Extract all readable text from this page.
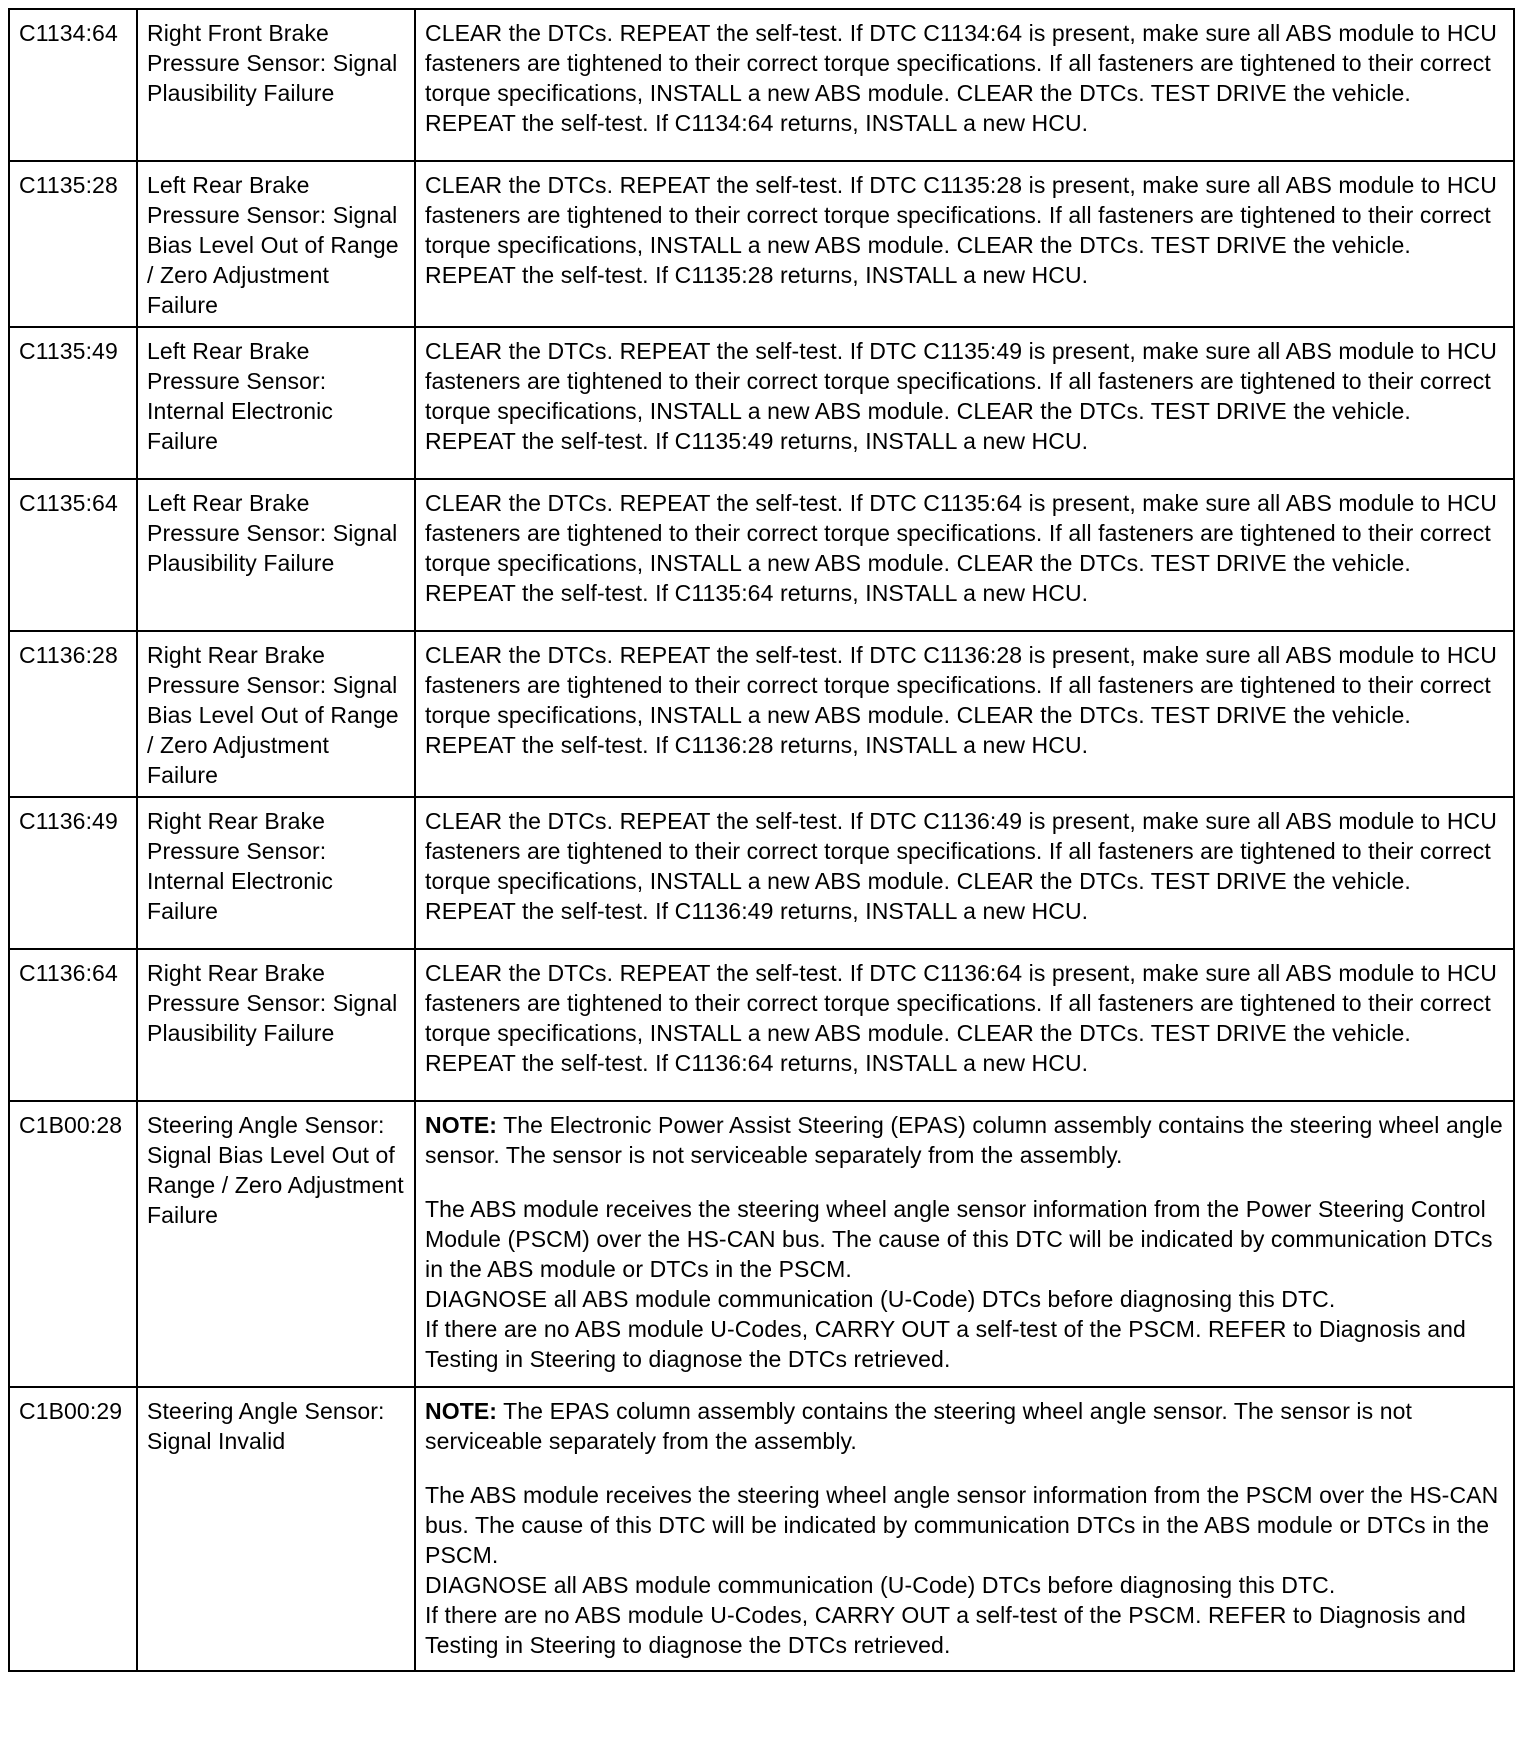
C1134:64	Right Front Brake Pressure Sensor: Signal Plausibility Failure	CLEAR the DTCs. REPEAT the self-test. If DTC C1134:64 is present, make sure all ABS module to HCU fasteners are tightened to their correct torque specifications. If all fasteners are tightened to their correct torque specifications, INSTALL a new ABS module. CLEAR the DTCs. TEST DRIVE the vehicle. REPEAT the self-test. If C1134:64 returns, INSTALL a new HCU.
C1135:28	Left Rear Brake Pressure Sensor: Signal Bias Level Out of Range / Zero Adjustment Failure	CLEAR the DTCs. REPEAT the self-test. If DTC C1135:28 is present, make sure all ABS module to HCU fasteners are tightened to their correct torque specifications. If all fasteners are tightened to their correct torque specifications, INSTALL a new ABS module. CLEAR the DTCs. TEST DRIVE the vehicle. REPEAT the self-test. If C1135:28 returns, INSTALL a new HCU.
C1135:49	Left Rear Brake Pressure Sensor: Internal Electronic Failure	CLEAR the DTCs. REPEAT the self-test. If DTC C1135:49 is present, make sure all ABS module to HCU fasteners are tightened to their correct torque specifications. If all fasteners are tightened to their correct torque specifications, INSTALL a new ABS module. CLEAR the DTCs. TEST DRIVE the vehicle. REPEAT the self-test. If C1135:49 returns, INSTALL a new HCU.
C1135:64	Left Rear Brake Pressure Sensor: Signal Plausibility Failure	CLEAR the DTCs. REPEAT the self-test. If DTC C1135:64 is present, make sure all ABS module to HCU fasteners are tightened to their correct torque specifications. If all fasteners are tightened to their correct torque specifications, INSTALL a new ABS module. CLEAR the DTCs. TEST DRIVE the vehicle. REPEAT the self-test. If C1135:64 returns, INSTALL a new HCU.
C1136:28	Right Rear Brake Pressure Sensor: Signal Bias Level Out of Range / Zero Adjustment Failure	CLEAR the DTCs. REPEAT the self-test. If DTC C1136:28 is present, make sure all ABS module to HCU fasteners are tightened to their correct torque specifications. If all fasteners are tightened to their correct torque specifications, INSTALL a new ABS module. CLEAR the DTCs. TEST DRIVE the vehicle. REPEAT the self-test. If C1136:28 returns, INSTALL a new HCU.
C1136:49	Right Rear Brake Pressure Sensor: Internal Electronic Failure	CLEAR the DTCs. REPEAT the self-test. If DTC C1136:49 is present, make sure all ABS module to HCU fasteners are tightened to their correct torque specifications. If all fasteners are tightened to their correct torque specifications, INSTALL a new ABS module. CLEAR the DTCs. TEST DRIVE the vehicle. REPEAT the self-test. If C1136:49 returns, INSTALL a new HCU.
C1136:64	Right Rear Brake Pressure Sensor: Signal Plausibility Failure	CLEAR the DTCs. REPEAT the self-test. If DTC C1136:64 is present, make sure all ABS module to HCU fasteners are tightened to their correct torque specifications. If all fasteners are tightened to their correct torque specifications, INSTALL a new ABS module. CLEAR the DTCs. TEST DRIVE the vehicle. REPEAT the self-test. If C1136:64 returns, INSTALL a new HCU.
C1B00:28	Steering Angle Sensor: Signal Bias Level Out of Range / Zero Adjustment Failure	NOTE: The Electronic Power Assist Steering (EPAS) column assembly contains the steering wheel angle sensor. The sensor is not serviceable separately from the assembly.

The ABS module receives the steering wheel angle sensor information from the Power Steering Control Module (PSCM) over the HS-CAN bus. The cause of this DTC will be indicated by communication DTCs in the ABS module or DTCs in the PSCM.

DIAGNOSE all ABS module communication (U-Code) DTCs before diagnosing this DTC.

If there are no ABS module U-Codes, CARRY OUT a self-test of the PSCM. REFER to Diagnosis and Testing in Steering to diagnose the DTCs retrieved.

C1B00:29	Steering Angle Sensor: Signal Invalid	NOTE: The EPAS column assembly contains the steering wheel angle sensor. The sensor is not serviceable separately from the assembly.

The ABS module receives the steering wheel angle sensor information from the PSCM over the HS-CAN bus. The cause of this DTC will be indicated by communication DTCs in the ABS module or DTCs in the PSCM.

DIAGNOSE all ABS module communication (U-Code) DTCs before diagnosing this DTC.

If there are no ABS module U-Codes, CARRY OUT a self-test of the PSCM. REFER to Diagnosis and Testing in Steering to diagnose the DTCs retrieved.
